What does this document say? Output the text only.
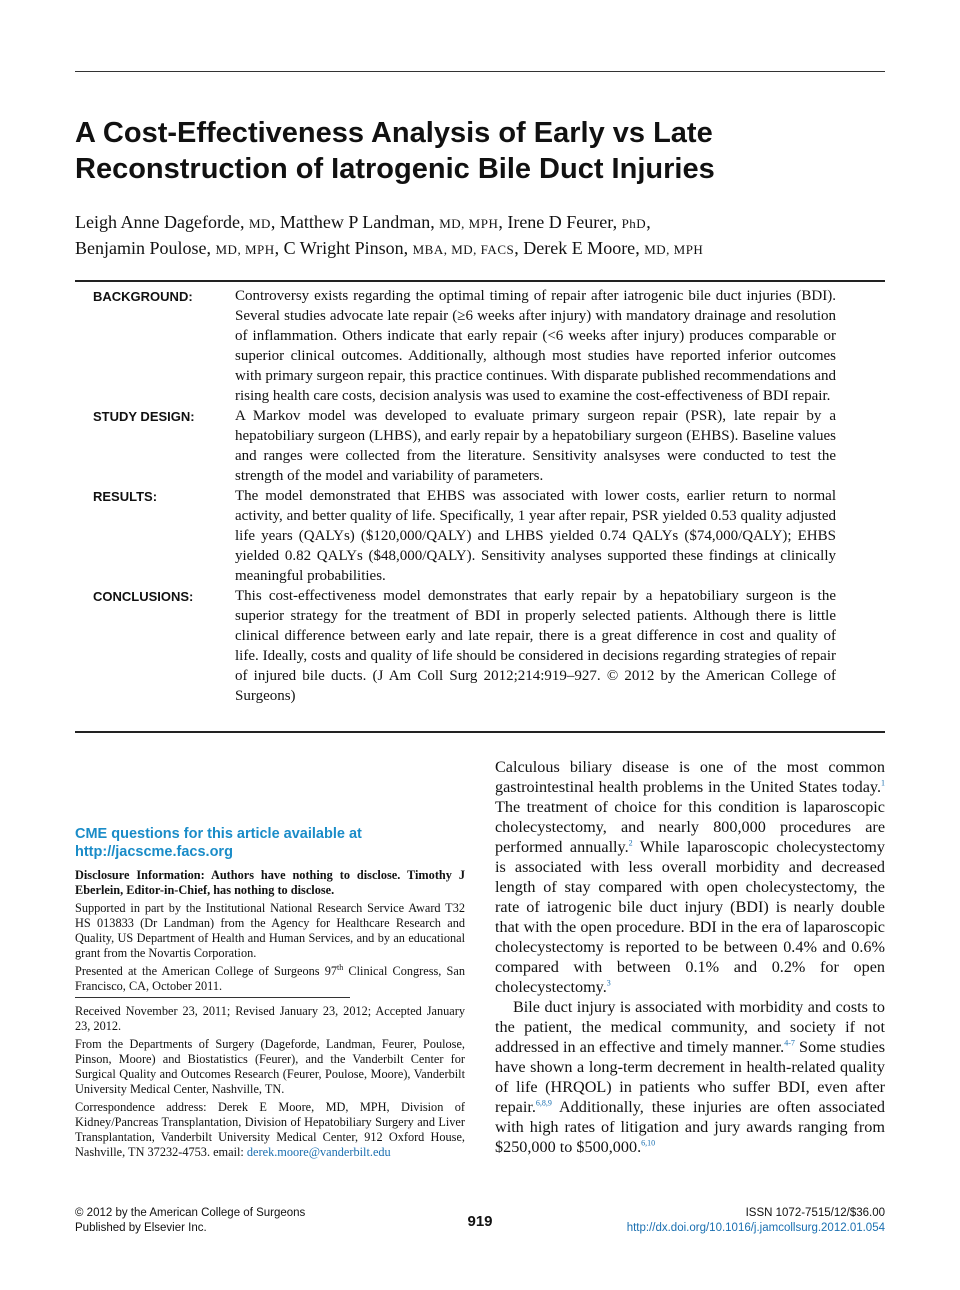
A Cost-Effectiveness Analysis of Early vs Late
Reconstruction of Iatrogenic Bile Duct Injuries
Leigh Anne Dageforde, MD, Matthew P Landman, MD, MPH, Irene D Feurer, PhD,
Benjamin Poulose, MD, MPH, C Wright Pinson, MBA, MD, FACS, Derek E Moore, MD, MPH
BACKGROUND:	Controversy exists regarding the optimal timing of repair after iatrogenic bile duct injuries (BDI). Several studies advocate late repair (≥6 weeks after injury) with mandatory drainage and resolution of inflammation. Others indicate that early repair (<6 weeks after injury) produces comparable or superior clinical outcomes. Additionally, although most studies have reported inferior outcomes with primary surgeon repair, this practice continues. With disparate published recommendations and rising health care costs, decision analysis was used to examine the cost-effectiveness of BDI repair.
STUDY DESIGN:	A Markov model was developed to evaluate primary surgeon repair (PSR), late repair by a hepatobiliary surgeon (LHBS), and early repair by a hepatobiliary surgeon (EHBS). Baseline values and ranges were collected from the literature. Sensitivity analsyses were conducted to test the strength of the model and variability of parameters.
RESULTS:	The model demonstrated that EHBS was associated with lower costs, earlier return to normal activity, and better quality of life. Specifically, 1 year after repair, PSR yielded 0.53 quality adjusted life years (QALYs) ($120,000/QALY) and LHBS yielded 0.74 QALYs ($74,000/QALY); EHBS yielded 0.82 QALYs ($48,000/QALY). Sensitivity analyses supported these findings at clinically meaningful probabilities.
CONCLUSIONS:	This cost-effectiveness model demonstrates that early repair by a hepatobiliary surgeon is the superior strategy for the treatment of BDI in properly selected patients. Although there is little clinical difference between early and late repair, there is a great difference in cost and quality of life. Ideally, costs and quality of life should be considered in decisions regarding strategies of repair of injured bile ducts. (J Am Coll Surg 2012;214:919–927. © 2012 by the American College of Surgeons)
CME questions for this article available at
http://jacscme.facs.org

Disclosure Information: Authors have nothing to disclose. Timothy J Eberlein, Editor-in-Chief, has nothing to disclose.

Supported in part by the Institutional National Research Service Award T32 HS 013833 (Dr Landman) from the Agency for Healthcare Research and Quality, US Department of Health and Human Services, and by an educational grant from the Novartis Corporation.

Presented at the American College of Surgeons 97th Clinical Congress, San Francisco, CA, October 2011.

Received November 23, 2011; Revised January 23, 2012; Accepted January 23, 2012.

From the Departments of Surgery (Dageforde, Landman, Feurer, Poulose, Pinson, Moore) and Biostatistics (Feurer), and the Vanderbilt Center for Surgical Quality and Outcomes Research (Feurer, Poulose, Moore), Vanderbilt University Medical Center, Nashville, TN.

Correspondence address: Derek E Moore, MD, MPH, Division of Kidney/Pancreas Transplantation, Division of Hepatobiliary Surgery and Liver Transplantation, Vanderbilt University Medical Center, 912 Oxford House, Nashville, TN 37232-4753. email: derek.moore@vanderbilt.edu

Calculous biliary disease is one of the most common gastrointestinal health problems in the United States today.$^1$ The treatment of choice for this condition is laparoscopic cholecystectomy, and nearly 800,000 procedures are performed annually.$^2$ While laparoscopic cholecystectomy is associated with less overall morbidity and decreased length of stay compared with open cholecystectomy, the rate of iatrogenic bile duct injury (BDI) is nearly double that with the open procedure. BDI in the era of laparoscopic cholecystectomy is reported to be between 0.4% and 0.6% compared with between 0.1% and 0.2% for open cholecystectomy.$^3$

Bile duct injury is associated with morbidity and costs to the patient, the medical community, and society if not addressed in an effective and timely manner.$^{4-7}$ Some studies have shown a long-term decrement in health-related quality of life (HRQOL) in patients who suffer BDI, even after repair.$^{6,8,9}$ Additionally, these injuries are often associated with high rates of litigation and jury awards ranging from $250,000 to $500,000.$^{6,10}$

© 2012 by the American College of Surgeons
Published by Elsevier Inc.	919	ISSN 1072-7515/12/$36.00
http://dx.doi.org/10.1016/j.jamcollsurg.2012.01.054
